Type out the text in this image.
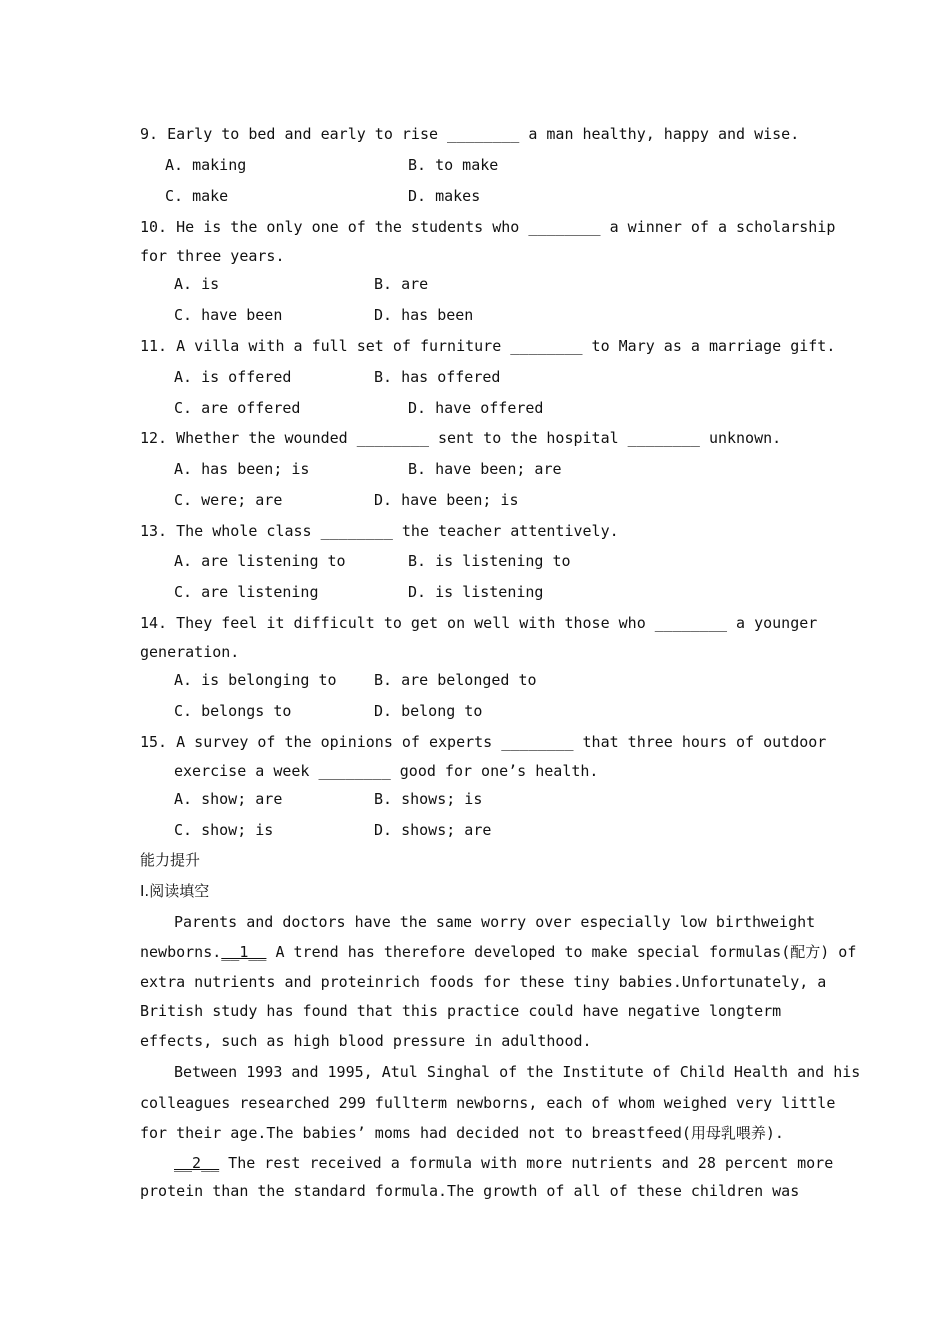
9. Early to bed and early to rise ________ a man healthy, happy and wise.
A. making	B. to make
C. make	D. makes
10. He is the only one of the students who ________ a winner of a scholarship
for three years.
A. is	B. are
C. have been	D. has been
11. A villa with a full set of furniture ________ to Mary as a marriage gift.
A. is offered	B. has offered
C. are offered	D. have offered
12. Whether the wounded ________ sent to the hospital ________ unknown.
A. has been; is	B. have been; are
C. were; are	D. have been; is
13. The whole class ________ the teacher attentively.
A. are listening to	B. is listening to
C. are listening	D. is listening
14. They feel it difficult to get on well with those who ________ a younger
generation.
A. is belonging to B. are belonged to
C. belongs to	D. belong to
15. A survey of the opinions of experts ________ that three hours of outdoor
exercise a week ________ good for one’s health.
A. show; are	B. shows; is
C. show; is	D. shows; are
能力提升
Ⅰ.阅读填空
Parents and doctors have the same worry over especially low birthweight
newborns.__1__ A trend has therefore developed to make special formulas(配方) of
extra nutrients and proteinrich foods for these tiny babies.Unfortunately, a
British study has found that this practice could have negative longterm
effects, such as high blood pressure in adulthood.
Between 1993 and 1995, Atul Singhal of the Institute of Child Health and his
colleagues researched 299 fullterm newborns, each of whom weighed very little
for their age.The babies’ moms had decided not to breastfeed(用母乳喂养).
__2__ The rest received a formula with more nutrients and 28 percent more
protein than the standard formula.The growth of all of these children was
